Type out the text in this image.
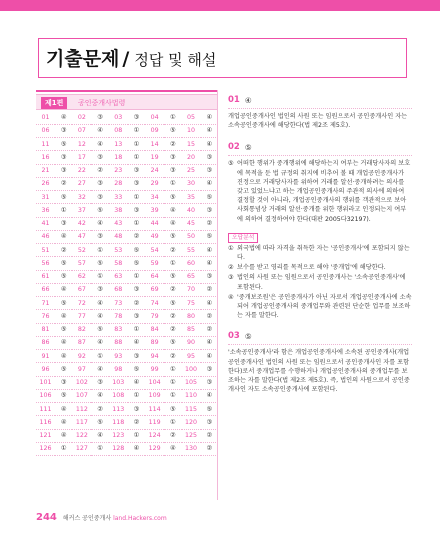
기출문제 / 정답 및 해설
제1편	공인중개사법령
01	④	02	③	03	③	04	①	05	④
06	③	07	④	08	①	09	⑤	10	④
11	⑤	12	④	13	①	14	②	15	④
16	③	17	③	18	①	19	③	20	③
21	③	22	②	23	③	24	③	25	③
26	②	27	③	28	③	29	①	30	④
31	⑤	32	③	33	①	34	⑤	35	⑤
36	①	37	⑤	38	③	39	④	40	③
41	③	42	④	43	①	44	④	45	②
46	④	47	③	48	②	49	⑤	50	⑤
51	②	52	①	53	⑤	54	②	55	④
56	⑤	57	⑤	58	⑤	59	①	60	④
61	⑤	62	①	63	①	64	⑤	65	③
66	④	67	③	68	③	69	②	70	②
71	⑤	72	④	73	②	74	⑤	75	④
76	④	77	④	78	③	79	②	80	②
81	⑤	82	⑤	83	①	84	②	85	②
86	④	87	④	88	④	89	⑤	90	④
91	④	92	①	93	③	94	②	95	④
96	⑤	97	④	98	⑤	99	①	100	③
101	③	102	③	103	④	104	①	105	③
106	⑤	107	④	108	①	109	①	110	④
111	④	112	②	113	③	114	⑤	115	⑤
116	④	117	⑤	118	②	119	①	120	③
121	④	122	④	123	①	124	②	125	②
126	①	127	①	128	④	129	④	130	②
01 ④

개업공인중개사인 법인의 사원 또는 임원으로서 공인중개사인 자는 소속공인중개사에 해당한다(법 제2조 제5호).

02 ⑤
⑤ 어떠한 행위가 중개행위에 해당하는지 여부는 거래당사자의 보호에 목적을 둔 법 규정의 취지에 비추어 볼 때 개업공인중개사가 진정으로 거래당사자를 위하여 거래를 알선·중개하려는 의사를 갖고 있었느냐고 하는 개업공인중개사의 주관적 의사에 의하여 결정할 것이 아니라, 개업공인중개사의 행위를 객관적으로 보아 사회통념상 거래의 알선·중개를 위한 행위라고 인정되는지 여부에 의하여 결정하여야 한다(대판 2005다32197).
오답분석
① 외국법에 따라 자격을 취득한 자는 '공인중개사'에 포함되지 않는다.
② 보수를 받고 영리를 목적으로 해야 '중개업'에 해당한다.
③ 법인의 사원 또는 임원으로서 공인중개사는 '소속공인중개사'에 포함된다.
④ '중개보조원'은 공인중개사가 아닌 자로서 개업공인중개사에 소속되어 개업공인중개사의 중개업무와 관련된 단순한 업무를 보조하는 자를 말한다.
03 ⑤

'소속공인중개사'라 함은 개업공인중개사에 소속된 공인중개사(개업공인중개사인 법인의 사원 또는 임원으로서 공인중개사인 자를 포함한다)로서 중개업무를 수행하거나 개업공인중개사의 중개업무를 보조하는 자를 말한다(법 제2조 제5호). 즉, 법인의 사원으로서 공인중개사인 자도 소속공인중개사에 포함된다.

244 해커스 공인중개사 land.Hackers.com
